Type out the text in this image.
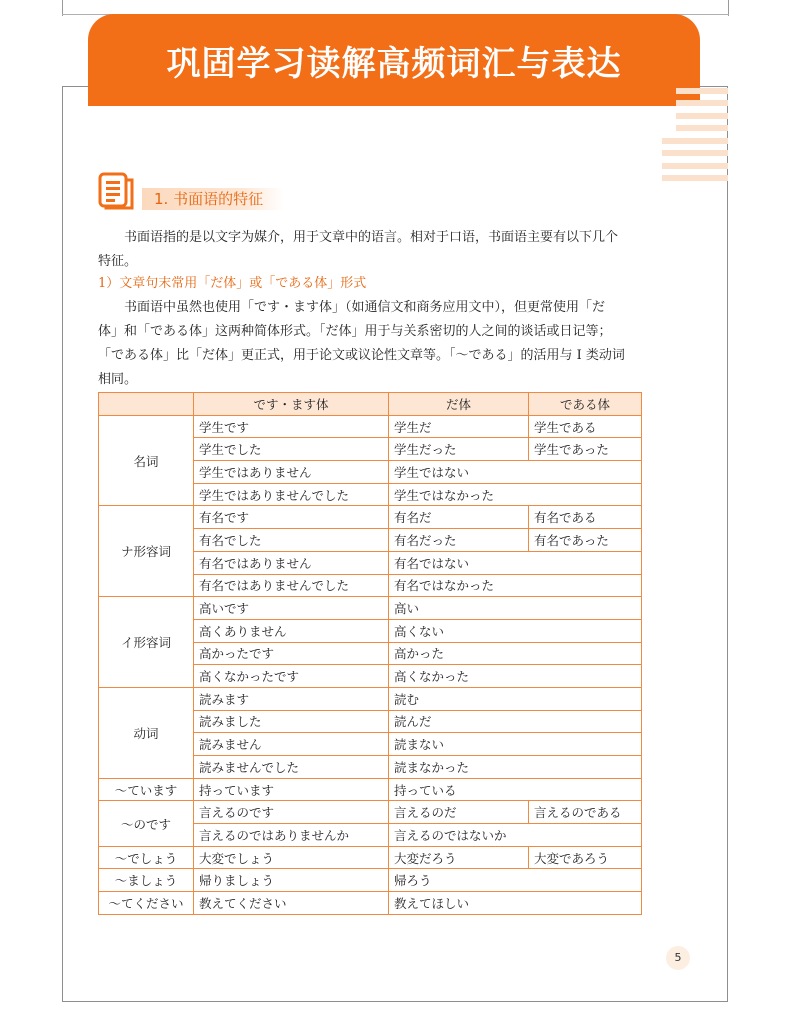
巩固学习读解高频词汇与表达
1. 书面语的特征
书面语指的是以文字为媒介，用于文章中的语言。相对于口语，书面语主要有以下几个
特征。
1）文章句末常用「だ体」或「である体」形式
书面语中虽然也使用「です・ます体」（如通信文和商务应用文中），但更常使用「だ
体」和「である体」这两种简体形式。「だ体」用于与关系密切的人之间的谈话或日记等；
「である体」比「だ体」更正式，用于论文或议论性文章等。「～である」的活用与 I 类动词
相同。
	です・ます体	だ体	である体
名词	学生です	学生だ	学生である
	学生でした	学生だった	学生であった
	学生ではありません	学生ではない	
	学生ではありませんでした	学生ではなかった	
ナ形容词	有名です	有名だ	有名である
	有名でした	有名だった	有名であった
	有名ではありません	有名ではない	
	有名ではありませんでした	有名ではなかった	
イ形容词	高いです	高い	
	高くありません	高くない	
	高かったです	高かった	
	高くなかったです	高くなかった	
动词	読みます	読む	
	読みました	読んだ	
	読みません	読まない	
	読みませんでした	読まなかった	
～ています	持っています	持っている	
～のです	言えるのです	言えるのだ	言えるのである
	言えるのではありませんか	言えるのではないか	
～でしょう	大変でしょう	大変だろう	大変であろう
～ましょう	帰りましょう	帰ろう	
～てください	教えてください	教えてほしい	
5
